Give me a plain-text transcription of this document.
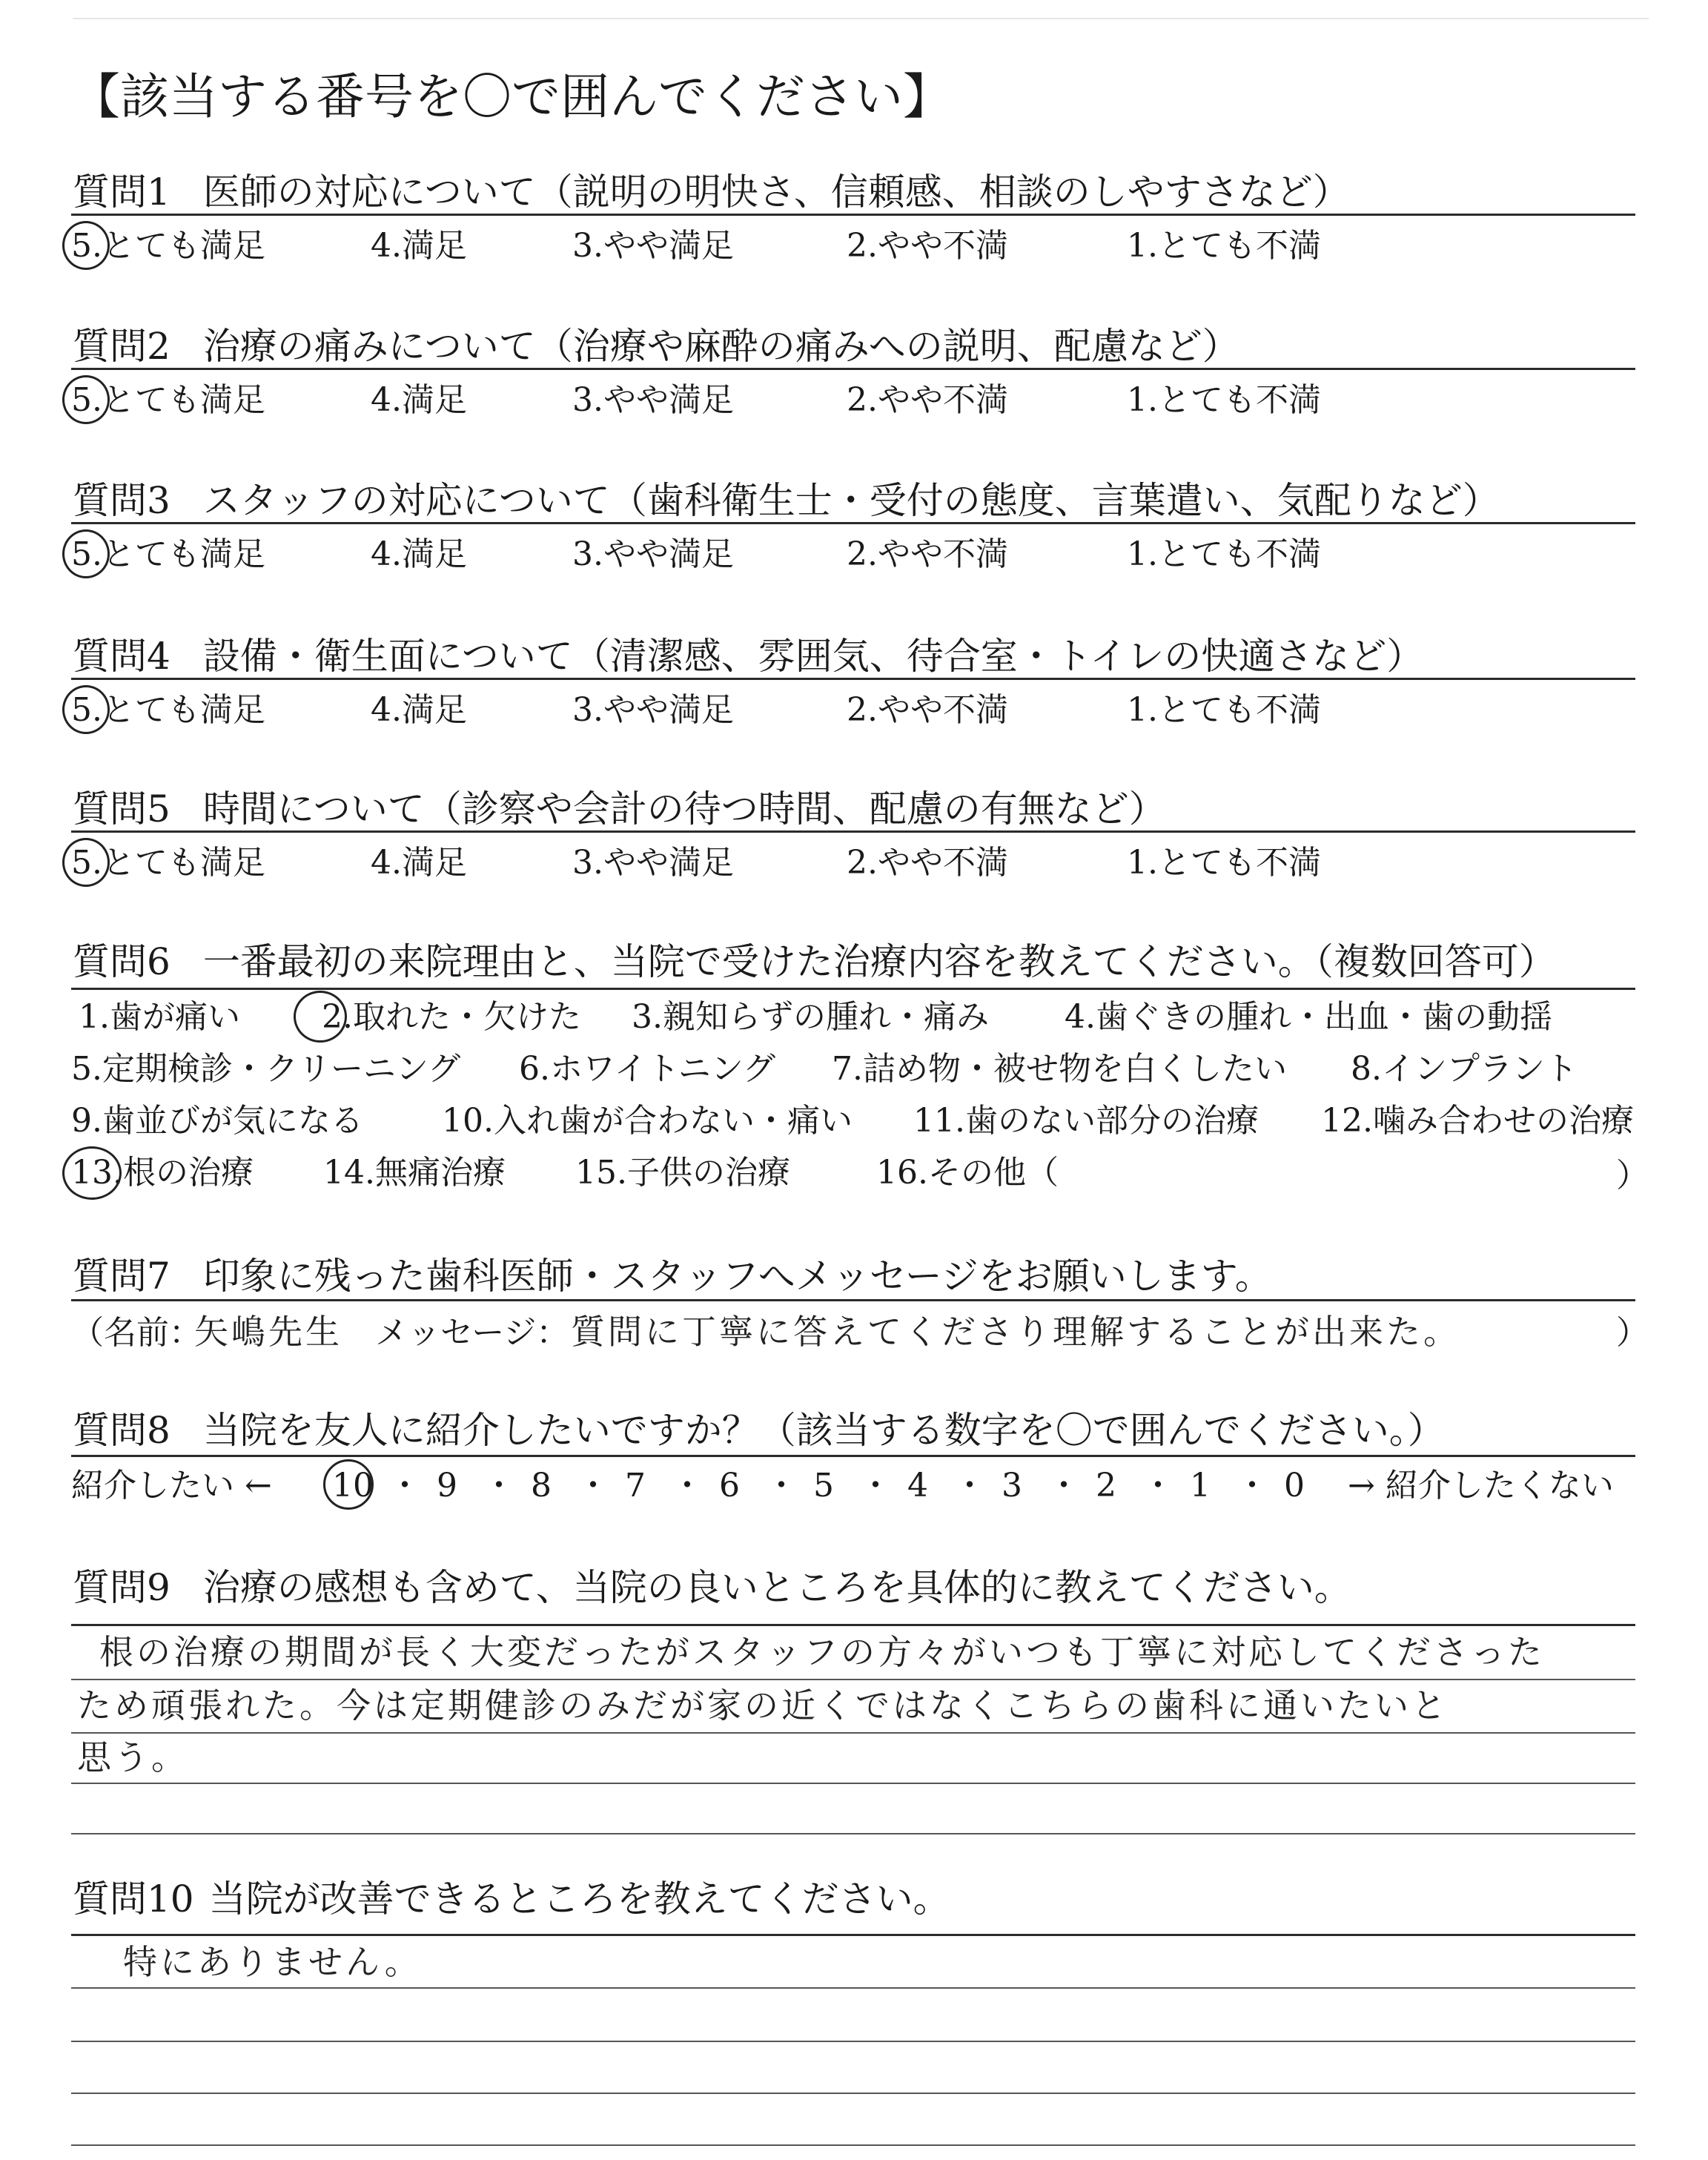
【該当する番号を〇で囲んでください】
質問1 医師の対応について（説明の明快さ、信頼感、相談のしやすさなど）
5.とても満足	4.満足	3.やや満足	2.やや不満	1.とても不満
質問2 治療の痛みについて（治療や麻酔の痛みへの説明、配慮など）
5.とても満足	4.満足	3.やや満足	2.やや不満	1.とても不満
質問3 スタッフの対応について（歯科衛生士・受付の態度、言葉遣い、気配りなど）
5.とても満足	4.満足	3.やや満足	2.やや不満	1.とても不満
質問4 設備・衛生面について（清潔感、雰囲気、待合室・トイレの快適さなど）
5.とても満足	4.満足	3.やや満足	2.やや不満	1.とても不満
質問5 時間について（診察や会計の待つ時間、配慮の有無など）
5.とても満足	4.満足	3.やや満足	2.やや不満	1.とても不満
質問6 一番最初の来院理由と、当院で受けた治療内容を教えてください。（複数回答可）
1.歯が痛い	2.取れた・欠けた 3.親知らずの腫れ・痛み 4.歯ぐきの腫れ・出血・歯の動揺
5.定期検診・クリーニング 6.ホワイトニング 7.詰め物・被せ物を白くしたい 8.インプラント
9.歯並びが気になる 10.入れ歯が合わない・痛い 11.歯のない部分の治療 12.噛み合わせの治療
13.根の治療 14.無痛治療 15.子供の治療	16.その他（	）
質問7 印象に残った歯科医師・スタッフへメッセージをお願いします。
（名前：
矢嶋先生 メッセージ： 質問に丁寧に答えてくださり理解することが出来た。	）
質問8 当院を友人に紹介したいですか？（該当する数字を〇で囲んでください。）
紹介したい ← 10 ・ 9 ・ 8 ・ 7 ・ 6 ・ 5 ・ 4 ・ 3 ・ 2 ・ 1 ・ 0 → 紹介したくない
質問9 治療の感想も含めて、当院の良いところを具体的に教えてください。
根の治療の期間が長く大変だったがスタッフの方々がいつも丁寧に対応してくださった
ため頑張れた。今は定期健診のみだが家の近くではなくこちらの歯科に通いたいと
思う。
質問10 当院が改善できるところを教えてください。
特にありません。
